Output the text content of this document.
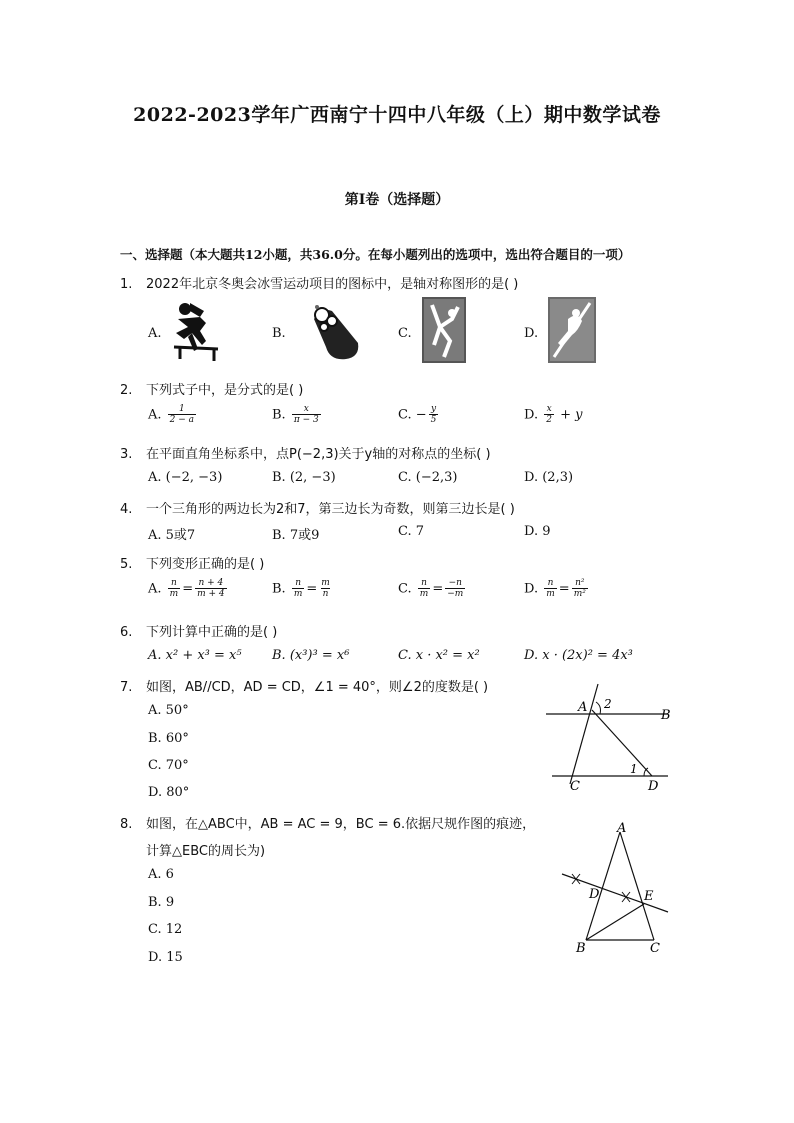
2022-2023学年广西南宁十四中八年级（上）期中数学试卷
第I卷（选择题）
一、选择题（本大题共12小题，共36.0分。在每小题列出的选项中，选出符合题目的一项）
1. 2022年北京冬奥会冰雪运动项目的图标中，是轴对称图形的是( )
A.	B.	C.	D.
2. 下列式子中，是分式的是( )
A. $\frac{1}{2 - a}$	B. $\frac{x}{\pi - 3}$	C. − $\frac{y}{5}$	D. $\frac{x}{2} + y$
3. 在平面直角坐标系中，点P(−2,3)关于y轴的对称点的坐标( )
A. (−2, −3)	B. (2, −3)	C. (−2,3)	D. (2,3)
4. 一个三角形的两边长为2和7，第三边长为奇数，则第三边长是( )
A. 5或7	B. 7或9	C. 7	D. 9
5. 下列变形正确的是( )
A. $\frac{n}{m} = \frac{n + 4}{m + 4}$	B. $\frac{n}{m} = \frac{m}{n}$	C. $\frac{n}{m} = \frac{-n}{-m}$	D. $\frac{n}{m} = \frac{\text{n²}}{\text{m²}}$
6. 下列计算中正确的是( )
A. x² + x³ = x⁵ B. (x³)³ = x⁶	C. x · x² = x²	D. x · (2x)² = 4x³
7. 如图，AB//CD，AD = CD，∠1 = 40°，则∠2的度数是( )
A. 50°
B. 60°
C. 70°
D. 80°
A 2
B
1
C	D
8. 如图，在△ABC中，AB = AC = 9，BC = 6.依据尺规作图的痕迹，
计算△EBC的周长为)
A. 6
B. 9
C. 12
D. 15
A
D	E
B	C
